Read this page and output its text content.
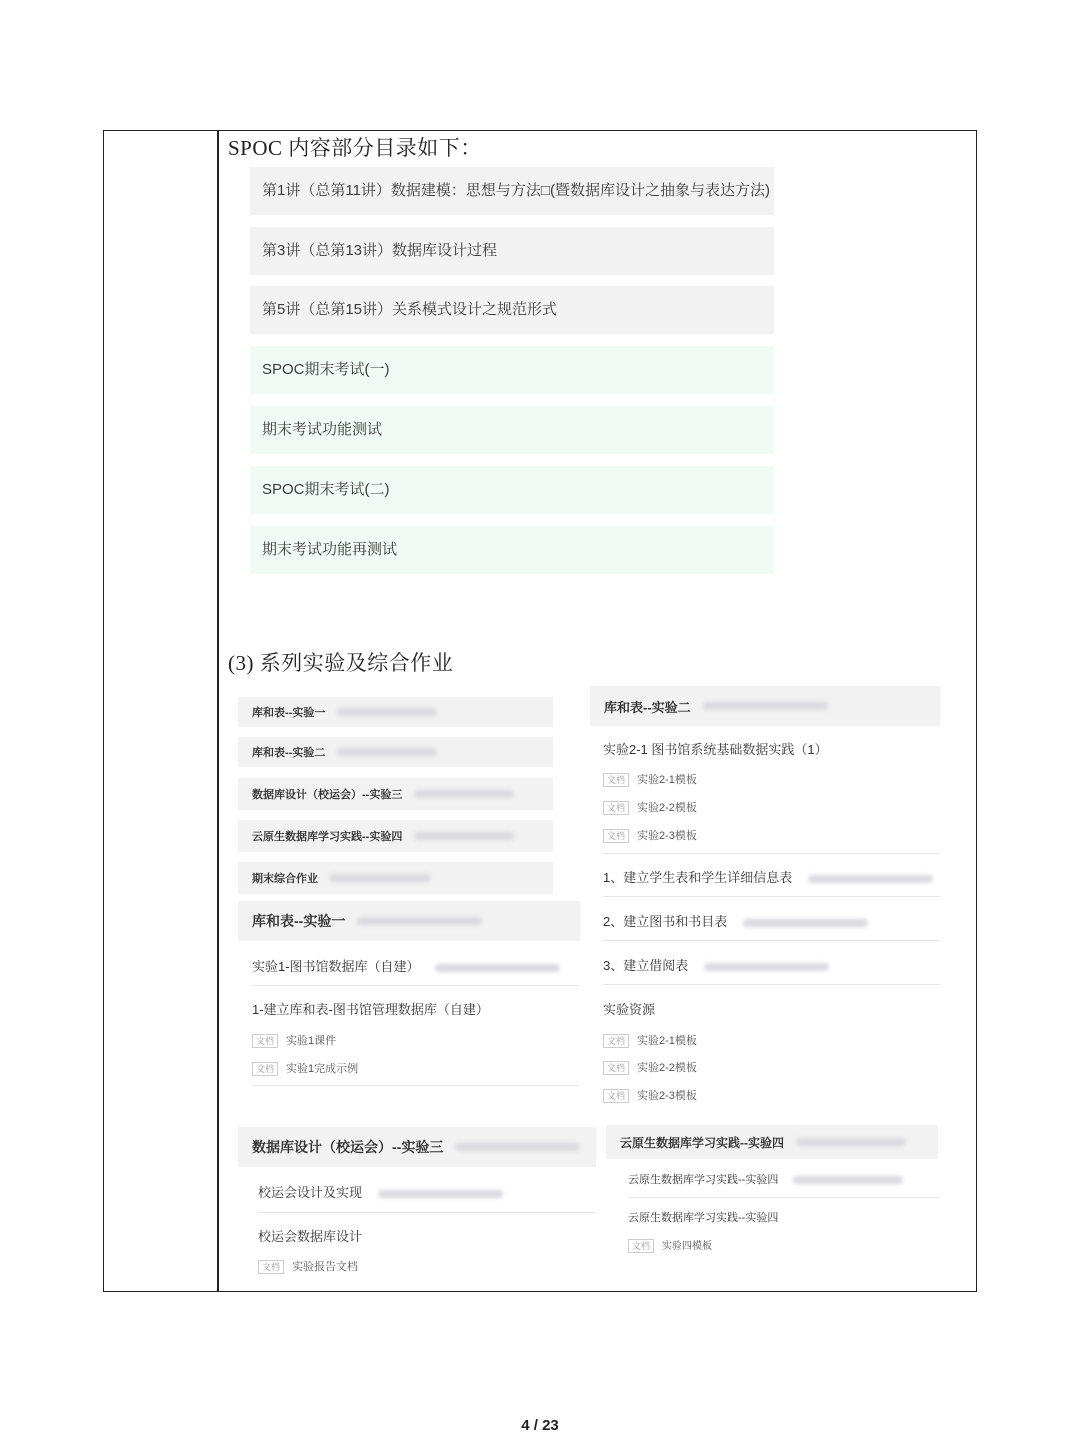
SPOC 内容部分目录如下：
第1讲（总第11讲）数据建模：思想与方法□(暨数据库设计之抽象与表达方法)
第3讲（总第13讲）数据库设计过程
第5讲（总第15讲）关系模式设计之规范形式
SPOC期末考试(一)
期末考试功能测试
SPOC期末考试(二)
期末考试功能再测试
(3) 系列实验及综合作业
库和表--实验一
库和表--实验二
数据库设计（校运会）--实验三
云原生数据库学习实践--实验四
期末综合作业
库和表--实验一
实验1-图书馆数据库（自建）
1-建立库和表-图书馆管理数据库（自建）
文档 实验1课件
文档 实验1完成示例
数据库设计（校运会）--实验三
校运会设计及实现
校运会数据库设计
文档 实验报告文档
库和表--实验二
实验2-1 图书馆系统基础数据实践（1）
文档 实验2-1模板
文档 实验2-2模板
文档 实验2-3模板
1、建立学生表和学生详细信息表
2、建立图书和书目表
3、建立借阅表
实验资源
文档 实验2-1模板
文档 实验2-2模板
文档 实验2-3模板
云原生数据库学习实践--实验四
云原生数据库学习实践--实验四
云原生数据库学习实践--实验四
文档 实验四模板
4 / 23
